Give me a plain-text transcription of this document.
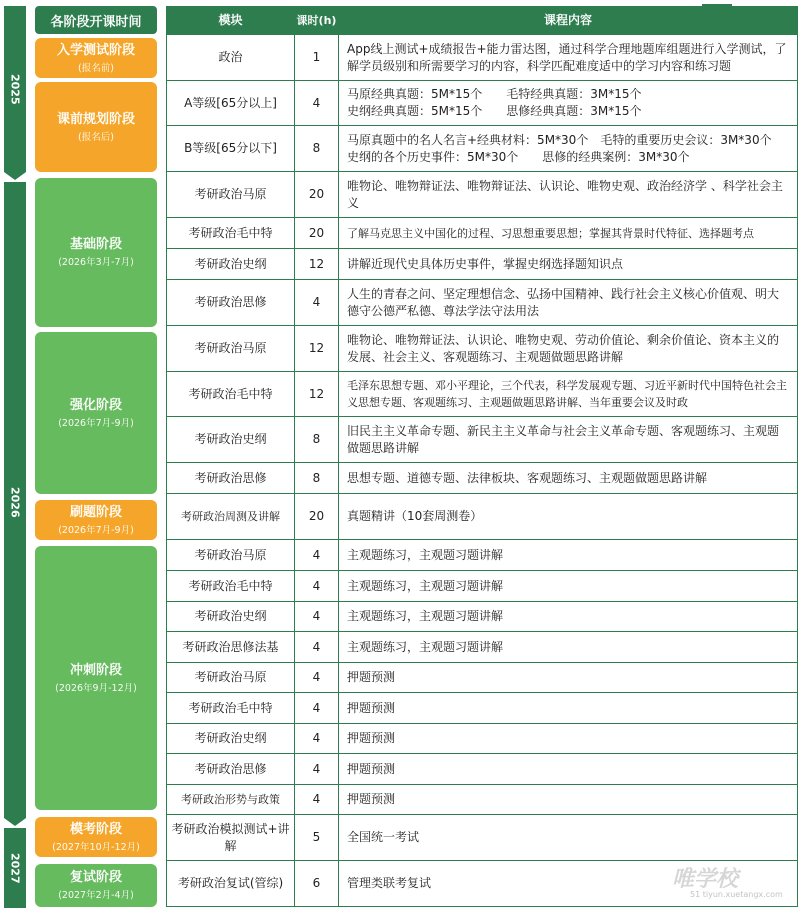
2025
2026
2027
各阶段开课时间
入学测试阶段
(报名前)
课前规划阶段
(报名后)
基础阶段
(2026年3月-7月)
强化阶段
(2026年7月-9月)
刷题阶段
(2026年7月-9月)
冲刺阶段
(2026年9月-12月)
模考阶段
(2027年10月-12月)
复试阶段
(2027年2月-4月)
模块	课时(h)	课程内容
政治	1	App线上测试+成绩报告+能力雷达图，通过科学合理地题库组题进行入学测试，了解学员级别和所需要学习的内容，科学匹配难度适中的学习内容和练习题
A等级[65分以上]	4	马原经典真题：5M*15个　　毛特经典真题：3M*15个
史纲经典真题：5M*15个　　思修经典真题：3M*15个
B等级[65分以下]	8	马原真题中的名人名言+经典材料：5M*30个　毛特的重要历史会议：3M*30个
史纲的各个历史事件：5M*30个　　思修的经典案例：3M*30个
考研政治马原	20	唯物论、唯物辩证法、唯物辩证法、认识论、唯物史观、政治经济学 、科学社会主义
考研政治毛中特	20	了解马克思主义中国化的过程、习思想重要思想；掌握其背景时代特征、选择题考点
考研政治史纲	12	讲解近现代史具体历史事件，掌握史纲选择题知识点
考研政治思修	4	人生的青春之问、坚定理想信念、弘扬中国精神、践行社会主义核心价值观、明大德守公德严私德、尊法学法守法用法
考研政治马原	12	唯物论、唯物辩证法、认识论、唯物史观、劳动价值论、剩余价值论、资本主义的发展、社会主义、客观题练习、主观题做题思路讲解
考研政治毛中特	12	毛泽东思想专题、邓小平理论，三个代表，科学发展观专题、习近平新时代中国特色社会主义思想专题、客观题练习、主观题做题思路讲解、当年重要会议及时政
考研政治史纲	8	旧民主主义革命专题、新民主主义革命与社会主义革命专题、客观题练习、主观题做题思路讲解
考研政治思修	8	思想专题、道德专题、法律板块、客观题练习、主观题做题思路讲解
考研政治周测及讲解	20	真题精讲（10套周测卷）
考研政治马原	4	主观题练习，主观题习题讲解
考研政治毛中特	4	主观题练习，主观题习题讲解
考研政治史纲	4	主观题练习，主观题习题讲解
考研政治思修法基	4	主观题练习，主观题习题讲解
考研政治马原	4	押题预测
考研政治毛中特	4	押题预测
考研政治史纲	4	押题预测
考研政治思修	4	押题预测
考研政治形势与政策	4	押题预测
考研政治模拟测试+讲解	5	全国统一考试
考研政治复试(管综)	6	管理类联考复试	唯学校
51 tiyun.xuetangx.com
